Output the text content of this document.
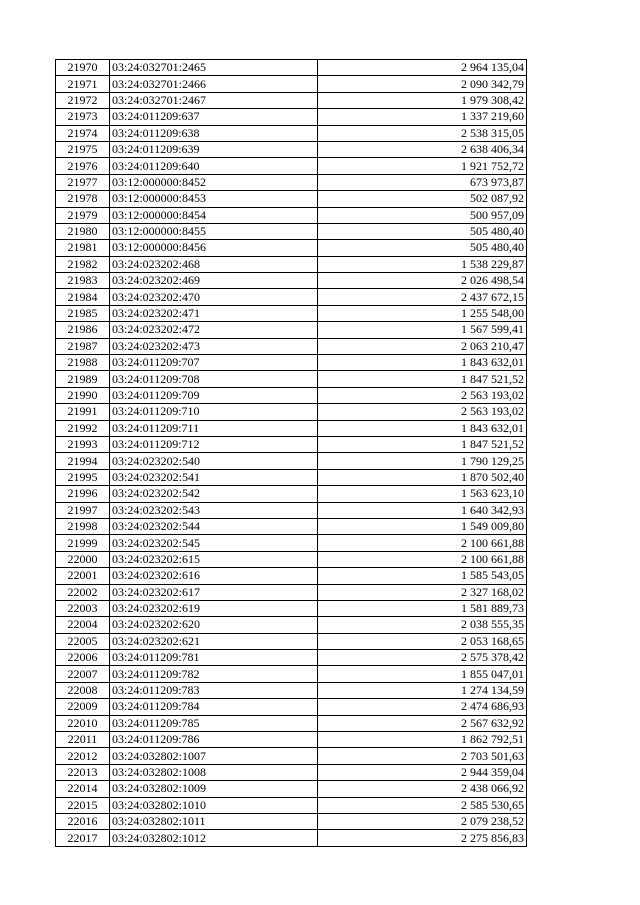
21970	03:24:032701:2465	2 964 135,04
21971	03:24:032701:2466	2 090 342,79
21972	03:24:032701:2467	1 979 308,42
21973	03:24:011209:637	1 337 219,60
21974	03:24:011209:638	2 538 315,05
21975	03:24:011209:639	2 638 406,34
21976	03:24:011209:640	1 921 752,72
21977	03:12:000000:8452	673 973,87
21978	03:12:000000:8453	502 087,92
21979	03:12:000000:8454	500 957,09
21980	03:12:000000:8455	505 480,40
21981	03:12:000000:8456	505 480,40
21982	03:24:023202:468	1 538 229,87
21983	03:24:023202:469	2 026 498,54
21984	03:24:023202:470	2 437 672,15
21985	03:24:023202:471	1 255 548,00
21986	03:24:023202:472	1 567 599,41
21987	03:24:023202:473	2 063 210,47
21988	03:24:011209:707	1 843 632,01
21989	03:24:011209:708	1 847 521,52
21990	03:24:011209:709	2 563 193,02
21991	03:24:011209:710	2 563 193,02
21992	03:24:011209:711	1 843 632,01
21993	03:24:011209:712	1 847 521,52
21994	03:24:023202:540	1 790 129,25
21995	03:24:023202:541	1 870 502,40
21996	03:24:023202:542	1 563 623,10
21997	03:24:023202:543	1 640 342,93
21998	03:24:023202:544	1 549 009,80
21999	03:24:023202:545	2 100 661,88
22000	03:24:023202:615	2 100 661,88
22001	03:24:023202:616	1 585 543,05
22002	03:24:023202:617	2 327 168,02
22003	03:24:023202:619	1 581 889,73
22004	03:24:023202:620	2 038 555,35
22005	03:24:023202:621	2 053 168,65
22006	03:24:011209:781	2 575 378,42
22007	03:24:011209:782	1 855 047,01
22008	03:24:011209:783	1 274 134,59
22009	03:24:011209:784	2 474 686,93
22010	03:24:011209:785	2 567 632,92
22011	03:24:011209:786	1 862 792,51
22012	03:24:032802:1007	2 703 501,63
22013	03:24:032802:1008	2 944 359,04
22014	03:24:032802:1009	2 438 066,92
22015	03:24:032802:1010	2 585 530,65
22016	03:24:032802:1011	2 079 238,52
22017	03:24:032802:1012	2 275 856,83
